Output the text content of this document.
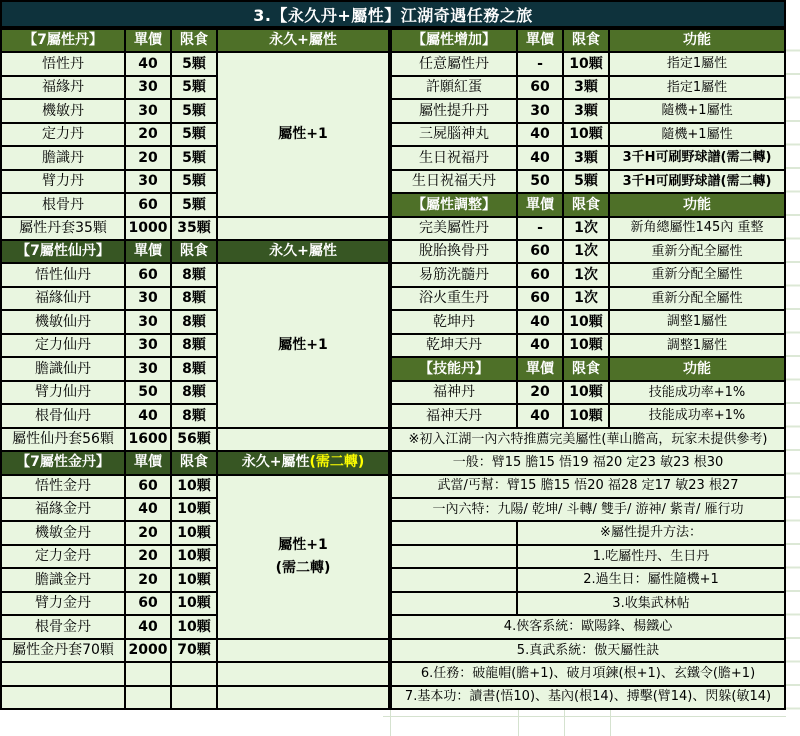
3.【永久丹+屬性】江湖奇遇任務之旅
【7屬性丹】	單價	限食	永久+屬性
悟性丹	40	5顆
屬性+1
福緣丹	30	5顆
機敏丹	30	5顆
定力丹	20	5顆
膽識丹	20	5顆
臂力丹	30	5顆
根骨丹	60	5顆
屬性丹套35顆	1000 35顆
【7屬性仙丹】	單價	限食	永久+屬性
悟性仙丹	60	8顆
屬性+1
福緣仙丹	30	8顆
機敏仙丹	30	8顆
定力仙丹	30	8顆
膽識仙丹	30	8顆
臂力仙丹	50	8顆
根骨仙丹	40	8顆
屬性仙丹套56顆	1600 56顆
【7屬性金丹】	單價	限食	永久+屬性 (需二轉)
悟性金丹	60	10顆
屬性+1
(需二轉)
福緣金丹	40	10顆
機敏金丹	20	10顆
定力金丹	20	10顆
膽識金丹	20	10顆
臂力金丹	60	10顆
根骨金丹	40	10顆
屬性金丹套70顆	2000 70顆
【屬性增加】	單價	限食	功能
任意屬性丹	-	10顆	指定1屬性
許願紅蛋	60	3顆	指定1屬性
屬性提升丹	30	3顆	隨機+1屬性
三屍腦神丸	40	10顆	隨機+1屬性
生日祝福丹	40	3顆	3千H可刷野球譜(需二轉)
生日祝福天丹	50	5顆	3千H可刷野球譜(需二轉)
【屬性調整】	單價	限食	功能
完美屬性丹	-	1次	新角總屬性145內 重整
脫胎換骨丹	60	1次	重新分配全屬性
易筋洗髓丹	60	1次	重新分配全屬性
浴火重生丹	60	1次	重新分配全屬性
乾坤丹	40	10顆	調整1屬性
乾坤天丹	40	10顆	調整1屬性
【技能丹】	單價	限食	功能
福神丹	20	10顆	技能成功率+1%
福神天丹	40	10顆	技能成功率+1%
※初入江湖一內六特推薦完美屬性(華山膽高，玩家未提供參考)
一般：臂15 膽15 悟19 福20 定23 敏23 根30
武當/丐幫：臂15 膽15 悟20 福28 定17 敏23 根27
一內六特：九陽/ 乾坤/ 斗轉/ 雙手/ 游神/ 紫青/ 雁行功
※屬性提升方法：
1.吃屬性丹、生日丹
2.過生日：屬性隨機+1
3.收集武林帖
4.俠客系統：歐陽鋒、楊鐵心
5.真武系統：傲天屬性訣
6.任務：破龍帽(膽+1)、破月項鍊(根+1)、玄鐵令(膽+1)
7.基本功：讀書(悟10)、基內(根14)、搏擊(臂14)、閃躲(敏14)
